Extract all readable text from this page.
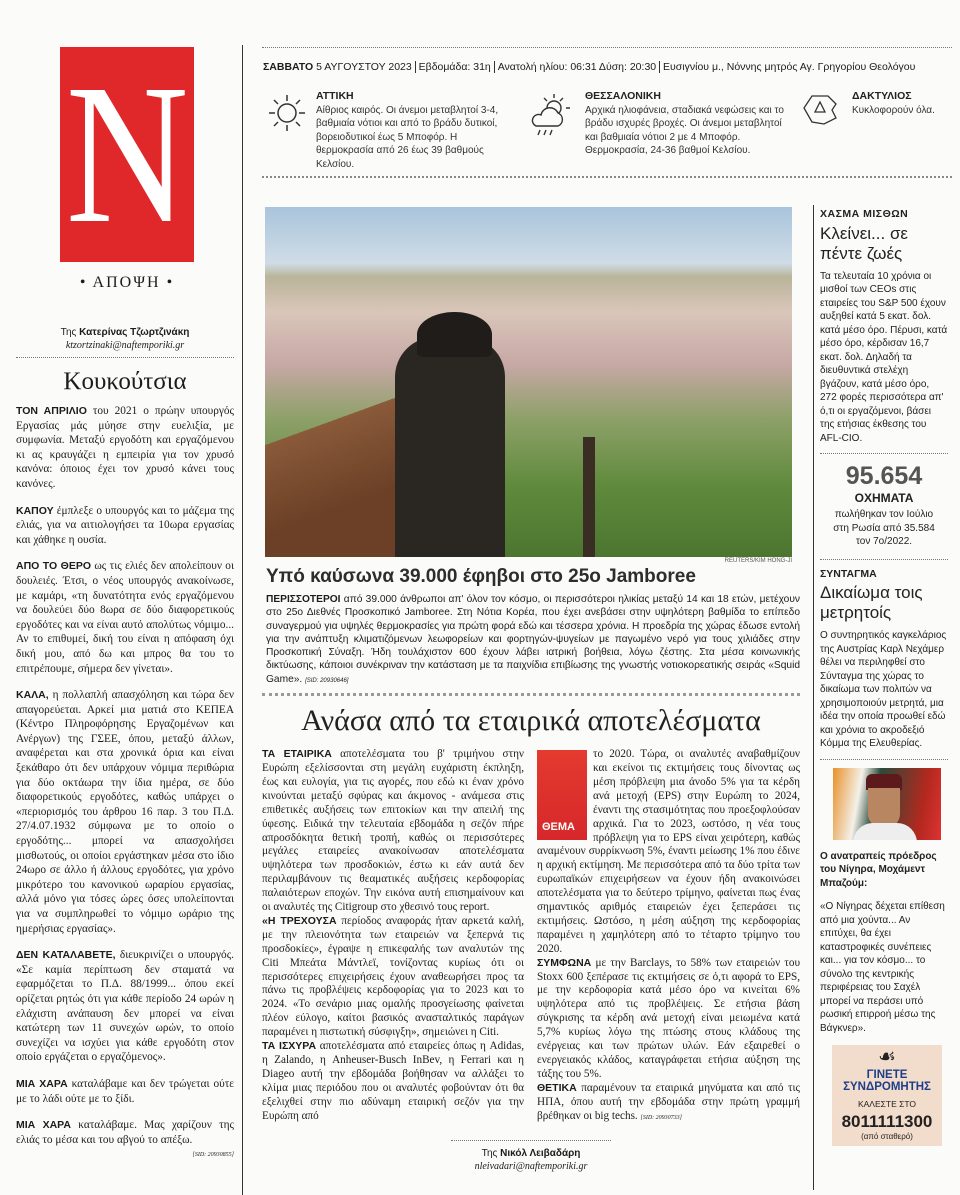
N
• ΑΠΟΨΗ •
Της Κατερίνας Τζωρτζινάκη
ktzortzinaki@naftemporiki.gr
Κουκούτσια
ΤΟΝ ΑΠΡΙΛΙΟ του 2021 ο πρώην υπουργός Εργασίας μάς μύησε στην ευελιξία, με συμφωνία. Μεταξύ εργοδότη και εργαζόμενου κι ας κραυγάζει η εμπειρία για τον χρυσό κανόνα: όποιος έχει τον χρυσό κάνει τους κανόνες.
ΚΑΠΟΥ έμπλεξε ο υπουργός και το μάζεμα της ελιάς, για να αιτιολογήσει τα 10ωρα εργασίας και χάθηκε η ουσία.
ΑΠΟ ΤΟ ΘΕΡΟ ως τις ελιές δεν απολείπουν οι δουλειές. Έτσι, ο νέος υπουργός ανακοίνωσε, με καμάρι, «τη δυνατότητα ενός εργαζόμενου να δουλεύει δύο 8ωρα σε δύο διαφορετικούς εργοδότες και να είναι αυτό απολύτως νόμιμο... Αν το επιθυμεί, δική του είναι η απόφαση όχι δική μου, από δω και μπρος θα του το επιτρέπουμε, σήμερα δεν γίνεται».
ΚΑΛΑ, η πολλαπλή απασχόληση και τώρα δεν απαγορεύεται. Αρκεί μια ματιά στο ΚΕΠΕΑ (Κέντρο Πληροφόρησης Εργαζομένων και Ανέργων) της ΓΣΕΕ, όπου, μεταξύ άλλων, αναφέρεται και στα χρονικά όρια και είναι ξεκάθαρο ότι δεν υπάρχουν νόμιμα περιθώρια για δύο οκτάωρα την ίδια ημέρα, σε δύο διαφορετικούς εργοδότες, καθώς υπάρχει ο «περιορισμός του άρθρου 16 παρ. 3 του Π.Δ. 27/4.07.1932 σύμφωνα με το οποίο ο εργοδότης... μπορεί να απασχολήσει μισθωτούς, οι οποίοι εργάστηκαν μέσα στο ίδιο 24ωρο σε άλλο ή άλλους εργοδότες, για χρόνο μικρότερο του κανονικού ωραρίου εργασίας, αλλά μόνο για τόσες ώρες όσες υπολείπονται για να συμπληρωθεί το νόμιμο ωράριο της ημερήσιας εργασίας».
ΔΕΝ ΚΑΤΑΛΑΒΕΤΕ, διευκρινίζει ο υπουργός. «Σε καμία περίπτωση δεν σταματά να εφαρμόζεται το Π.Δ. 88/1999... όπου εκεί ορίζεται ρητώς ότι για κάθε περίοδο 24 ωρών η ελάχιστη ανάπαυση δεν μπορεί να είναι κατώτερη των 11 συνεχών ωρών, το οποίο συνεχίζει να ισχύει για κάθε εργοδότη στον οποίο εργάζεται ο εργαζόμενος».
ΜΙΑ ΧΑΡΑ καταλάβαμε και δεν τρώγεται ούτε με το λάδι ούτε με το ξίδι.
ΜΙΑ ΧΑΡΑ καταλάβαμε. Μας χαρίζουν της ελιάς το μέσα και του αβγού το απέξω.
[SID: 20930855]
ΣΑΒΒΑΤΟ 5 ΑΥΓΟΥΣΤΟΥ 2023 Εβδομάδα: 31η Ανατολή ηλίου: 06:31 Δύση: 20:30 Ευσιγνίου μ., Νόννης μητρός Αγ. Γρηγορίου Θεολόγου
ΑΤΤΙΚΗ
Αίθριος καιρός. Οι άνεμοι μεταβλητοί 3-4, βαθμιαία νότιοι και από το βράδυ δυτικοί, βορειοδυτικοί έως 5 Μποφόρ. Η θερμοκρασία από 26 έως 39 βαθμούς Κελσίου.
ΘΕΣΣΑΛΟΝΙΚΗ
Αρχικά ηλιοφάνεια, σταδιακά νεφώσεις και το βράδυ ισχυρές βροχές. Οι άνεμοι μεταβλητοί και βαθμιαία νότιοι 2 με 4 Μποφόρ. Θερμοκρασία, 24-36 βαθμοί Κελσίου.
ΔΑΚΤΥΛΙΟΣ
Κυκλοφορούν όλα.
REUTERS/KIM HONG-JI
Υπό καύσωνα 39.000 έφηβοι στο 25ο Jamboree
ΠΕΡΙΣΣΟΤΕΡΟΙ από 39.000 άνθρωποι απ' όλον τον κόσμο, οι περισσότεροι ηλικίας μεταξύ 14 και 18 ετών, μετέχουν στο 25ο Διεθνές Προσκοπικό Jamboree. Στη Νότια Κορέα, που έχει ανεβάσει στην υψηλότερη βαθμίδα το επίπεδο συναγερμού για υψηλές θερμοκρασίες για πρώτη φορά εδώ και τέσσερα χρόνια. Η προεδρία της χώρας έδωσε εντολή για την ανάπτυξη κλιματιζόμενων λεωφορείων και φορτηγών-ψυγείων με παγωμένο νερό για τους χιλιάδες στην Προσκοπική Σύναξη. Ήδη τουλάχιστον 600 έχουν λάβει ιατρική βοήθεια, λόγω ζέστης. Στα μέσα κοινωνικής δικτύωσης, κάποιοι συνέκριναν την κατάσταση με τα παιχνίδια επιβίωσης της γνωστής νοτιοκορεατικής σειράς «Squid Game». [SID: 20930646]
Ανάσα από τα εταιρικά αποτελέσματα
ΤΑ ΕΤΑΙΡΙΚΑ αποτελέσματα του β' τριμήνου στην Ευρώπη εξελίσσονται στη μεγάλη ευχάριστη έκπληξη, έως και ευλογία, για τις αγορές, που εδώ κι έναν χρόνο κινούνται μεταξύ σφύρας και άκμονος - ανάμεσα στις επιθετικές αυξήσεις των επιτοκίων και την απειλή της ύφεσης. Ειδικά την τελευταία εβδομάδα η σεζόν πήρε απροσδόκητα θετική τροπή, καθώς οι περισσότερες μεγάλες εταιρείες ανακοίνωσαν αποτελέσματα υψηλότερα των προσδοκιών, έστω κι εάν αυτά δεν περιλαμβάνουν τις θεαματικές αυξήσεις κερδοφορίας παλαιότερων εποχών. Την εικόνα αυτή επισημαίνουν και οι αναλυτές της Citigroup στο χθεσινό τους report.
«Η ΤΡΕΧΟΥΣΑ περίοδος αναφοράς ήταν αρκετά καλή, με την πλειονότητα των εταιρειών να ξεπερνά τις προσδοκίες», έγραψε η επικεφαλής των αναλυτών της Citi Μπεάτα Μάντλεϊ, τονίζοντας κυρίως ότι οι περισσότερες επιχειρήσεις έχουν αναθεωρήσει προς τα πάνω τις προβλέψεις κερδοφορίας για το 2023 και το 2024. «Το σενάριο μιας ομαλής προσγείωσης φαίνεται πλέον εύλογο, καίτοι βασικός ανασταλτικός παράγων παραμένει η πιστωτική σύσφιγξη», σημειώνει η Citi.
ΤΑ ΙΣΧΥΡΑ αποτελέσματα από εταιρείες όπως η Adidas, η Zalando, η Anheuser-Busch InBev, η Ferrari και η Diageo αυτή την εβδομάδα βοήθησαν να αλλάξει το κλίμα μιας περιόδου που οι αναλυτές φοβούνταν ότι θα εξελιχθεί στην πιο αδύναμη εταιρική σεζόν για την Ευρώπη από
ΘΕΜΑ
το 2020. Τώρα, οι αναλυτές αναβαθμίζουν και εκείνοι τις εκτιμήσεις τους δίνοντας ως μέση πρόβλεψη μια άνοδο 5% για τα κέρδη ανά μετοχή (EPS) στην Ευρώπη το 2024, έναντι της στασιμότητας που προεξοφλούσαν αρχικά. Για το 2023, ωστόσο, η νέα τους πρόβλεψη για το EPS είναι χειρότερη, καθώς αναμένουν συρρίκνωση 5%, έναντι μείωσης 1% που έδινε η αρχική εκτίμηση. Με περισσότερα από τα δύο τρίτα των ευρωπαϊκών επιχειρήσεων να έχουν ήδη ανακοινώσει αποτελέσματα για το δεύτερο τρίμηνο, φαίνεται πως ένας σημαντικός αριθμός εταιρειών έχει ξεπεράσει τις εκτιμήσεις. Ωστόσο, η μέση αύξηση της κερδοφορίας παραμένει η χαμηλότερη από το τέταρτο τρίμηνο του 2020.
ΣΥΜΦΩΝΑ με την Barclays, το 58% των εταιρειών του Stoxx 600 ξεπέρασε τις εκτιμήσεις σε ό,τι αφορά το EPS, με την κερδοφορία κατά μέσο όρο να κινείται 6% υψηλότερα από τις προβλέψεις. Σε ετήσια βάση σύγκρισης τα κέρδη ανά μετοχή είναι μειωμένα κατά 5,7% κυρίως λόγω της πτώσης στους κλάδους της ενέργειας και των πρώτων υλών. Εάν εξαιρεθεί ο ενεργειακός κλάδος, καταγράφεται ετήσια αύξηση της τάξης του 5%.
ΘΕΤΙΚΑ παραμένουν τα εταιρικά μηνύματα και από τις ΗΠΑ, όπου αυτή την εβδομάδα στην πρώτη γραμμή βρέθηκαν οι big techs. [SID: 20930733]
Της Νικόλ Λειβαδάρη
nleivadari@naftemporiki.gr
ΧΑΣΜΑ ΜΙΣΘΩΝ
Κλείνει... σε πέντε ζωές
Τα τελευταία 10 χρόνια οι μισθοί των CEOs στις εταιρείες του S&P 500 έχουν αυξηθεί κατά 5 εκατ. δολ. κατά μέσο όρο. Πέρυσι, κατά μέσο όρο, κέρδισαν 16,7 εκατ. δολ. Δηλαδή τα διευθυντικά στελέχη βγάζουν, κατά μέσο όρο, 272 φορές περισσότερα απ' ό,τι οι εργαζόμενοι, βάσει της ετήσιας έκθεσης του AFL-CIO.
95.654
ΟΧΗΜΑΤΑ
πωλήθηκαν τον Ιούλιο στη Ρωσία από 35.584 τον 7ο/2022.
ΣΥΝΤΑΓΜΑ
Δικαίωμα τοις μετρητοίς
Ο συντηρητικός καγκελάριος της Αυστρίας Καρλ Νεχάμερ θέλει να περιληφθεί στο Σύνταγμα της χώρας το δικαίωμα των πολιτών να χρησιμοποιούν μετρητά, μια ιδέα την οποία προωθεί εδώ και χρόνια το ακροδεξιό Κόμμα της Ελευθερίας.
Ο ανατραπείς πρόεδρος του Νίγηρα, Μοχάμεντ Μπαζούμ:
«Ο Νίγηρας δέχεται επίθεση από μια χούντα... Αν επιτύχει, θα έχει καταστροφικές συνέπειες και... για τον κόσμο... το σύνολο της κεντρικής περιφέρειας του Σαχέλ μπορεί να περάσει υπό ρωσική επιρροή μέσω της Βάγκνερ».
☙
ΓΙΝΕΤΕ ΣΥΝΔΡΟΜΗΤΗΣ
ΚΑΛΕΣΤΕ ΣΤΟ
8011111300
(από σταθερό)
